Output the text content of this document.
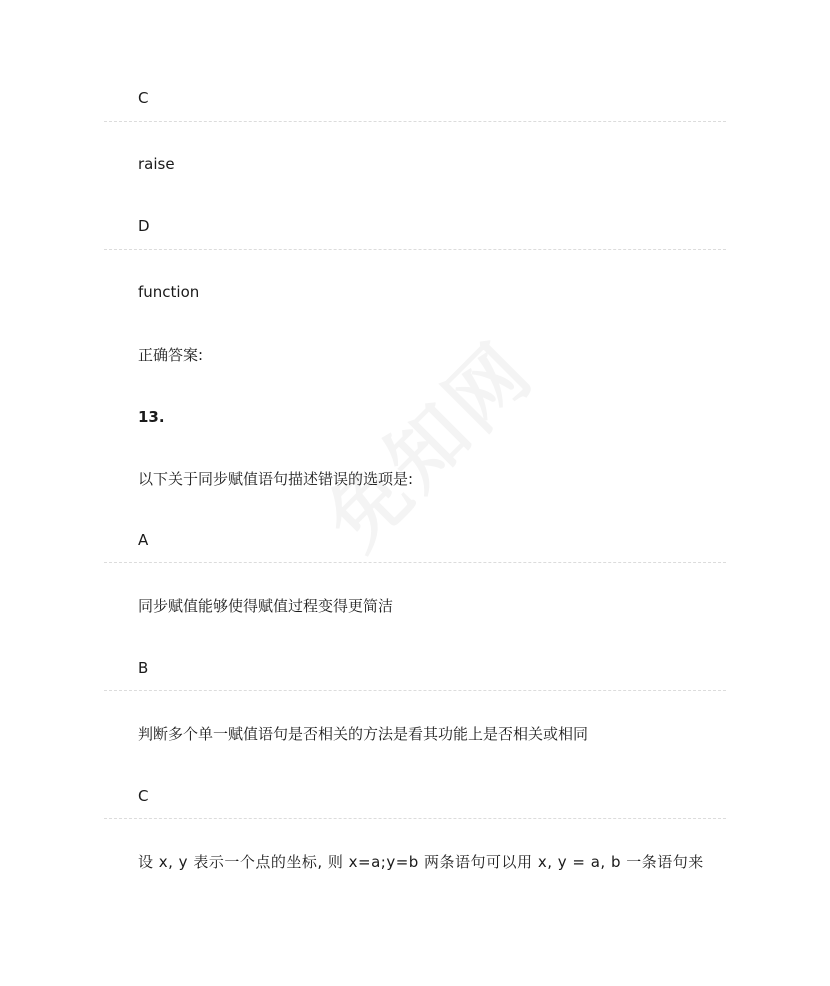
C
raise
D
function
正确答案:
13.
以下关于同步赋值语句描述错误的选项是:
A
同步赋值能够使得赋值过程变得更简洁
B
判断多个单一赋值语句是否相关的方法是看其功能上是否相关或相同
C
设 x, y 表示一个点的坐标, 则 x=a;y=b 两条语句可以用 x, y = a, b 一条语句来
